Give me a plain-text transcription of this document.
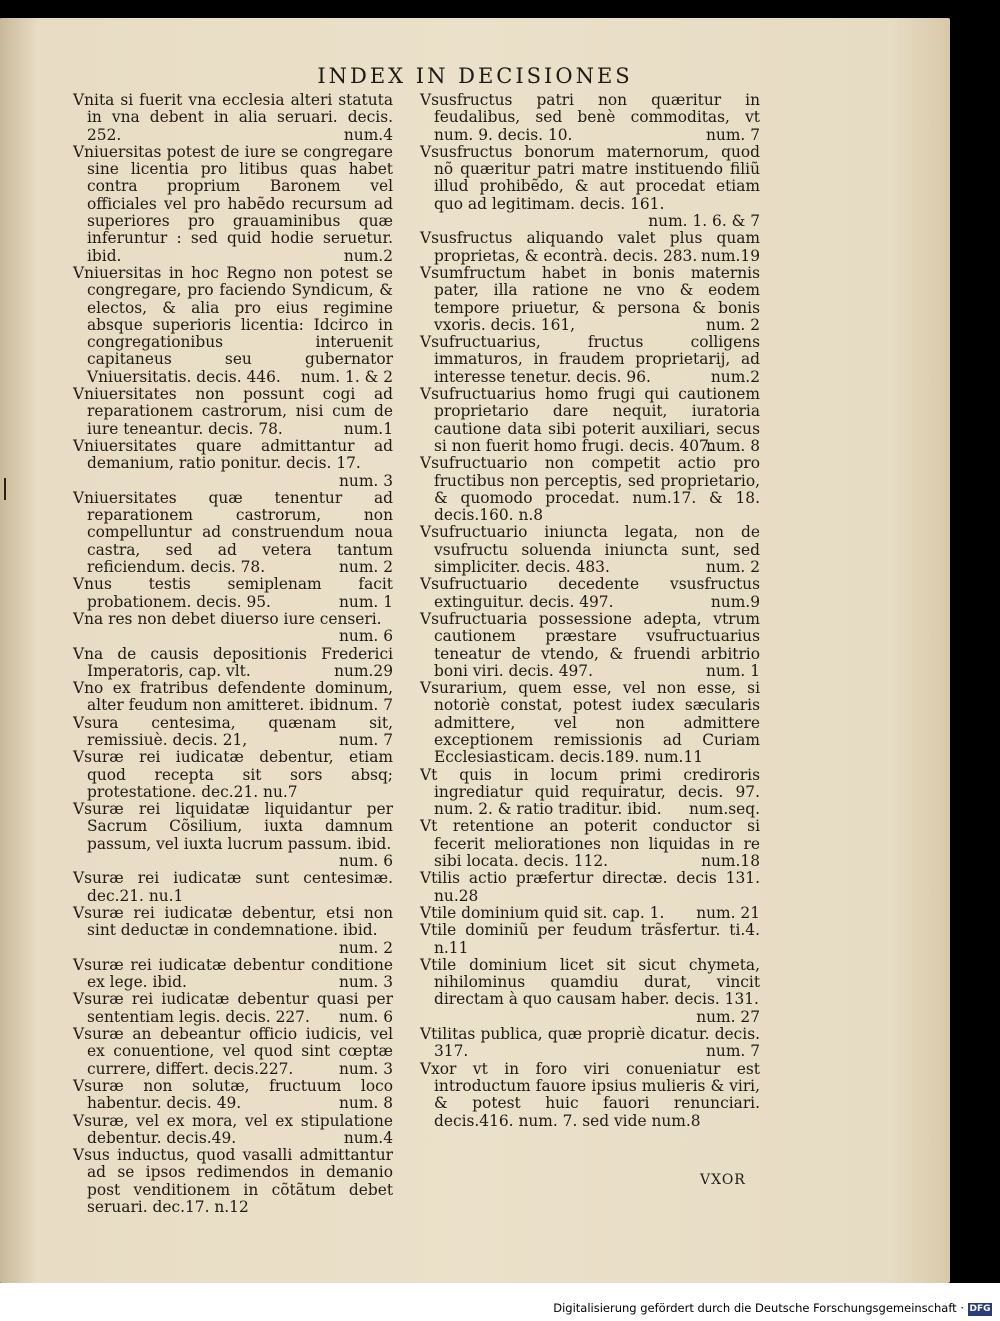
INDEX IN DECISIONES

Vnita si fuerit vna ecclesia alteri statuta in vna debent in alia seruari. decis. 252.	num.4

Vniuersitas potest de iure se congregare sine licentia pro litibus quas habet contra proprium Baronem vel officiales vel pro habẽdo recursum ad superiores pro grauaminibus quæ inferuntur : sed quid hodie seruetur. ibid.	num.2

Vniuersitas in hoc Regno non potest se congregare, pro faciendo Syndicum, & electos, & alia pro eius regimine absque superioris licentia: Idcirco in congregationibus interuenit capitaneus seu gubernator Vniuersitatis. decis. 446. num. 1. & 2

Vniuersitates non possunt cogi ad reparationem castrorum, nisi cum de iure teneantur. decis. 78.	num.1

Vniuersitates quare admittantur ad demanium, ratio ponitur. decis. 17.
num. 3

Vniuersitates quæ tenentur ad reparationem castrorum, non compelluntur ad construendum noua castra, sed ad vetera tantum reficiendum. decis. 78.	num. 2

Vnus testis semiplenam facit probationem. decis. 95.	num. 1

Vna res non debet diuerso iure censeri.
num. 6

Vna de causis depositionis Frederici Imperatoris, cap. vlt.	num.29

Vno ex fratribus defendente dominum, alter feudum non amitteret. ibid.
num. 7

Vsura centesima, quænam sit, remissiuè. decis. 21,	num. 7

Vsuræ rei iudicatæ debentur, etiam quod recepta sit sors absq; protestatione. dec.21. nu.7

Vsuræ rei liquidatæ liquidantur per Sacrum Cõsilium, iuxta damnum passum, vel iuxta lucrum passum. ibid.
num. 6

Vsuræ rei iudicatæ sunt centesimæ. dec.21. nu.1

Vsuræ rei iudicatæ debentur, etsi non sint deductæ in condemnatione. ibid.
num. 2

Vsuræ rei iudicatæ debentur conditione ex lege. ibid.	num. 3

Vsuræ rei iudicatæ debentur quasi per sententiam legis. decis. 227. num. 6

Vsuræ an debeantur officio iudicis, vel ex conuentione, vel quod sint cœptæ currere, differt. decis.227.	num. 3

Vsuræ non solutæ, fructuum loco habentur. decis. 49.	num. 8

Vsuræ, vel ex mora, vel ex stipulatione debentur. decis.49.	num.4

Vsus inductus, quod vasalli admittantur ad se ipsos redimendos in demanio post venditionem in cõtãtum debet seruari. dec.17. n.12

Vsusfructus patri non quæritur in feudalibus, sed benè commoditas, vt num. 9. decis. 10.	num. 7

Vsusfructus bonorum maternorum, quod nõ quæritur patri matre instituendo filiũ illud prohibẽdo, & aut procedat etiam quo ad legitimam. decis. 161.
num. 1. 6. & 7

Vsusfructus aliquando valet plus quam proprietas, & econtrà. decis. 283. num.19

Vsumfructum habet in bonis maternis pater, illa ratione ne vno & eodem tempore priuetur, & persona & bonis vxoris. decis. 161,	num. 2

Vsufructuarius, fructus colligens immaturos, in fraudem proprietarij, ad interesse tenetur. decis. 96.	num.2

Vsufructuarius homo frugi qui cautionem proprietario dare nequit, iuratoria cautione data sibi poterit auxiliari, secus si non fuerit homo frugi. decis. 407.
num. 8

Vsufructuario non competit actio pro fructibus non perceptis, sed proprietario, & quomodo procedat. num.17. & 18. decis.160. n.8

Vsufructuario iniuncta legata, non de vsufructu soluenda iniuncta sunt, sed simpliciter. decis. 483.	num. 2

Vsufructuario decedente vsusfructus extinguitur. decis. 497.	num.9

Vsufructuaria possessione adepta, vtrum cautionem præstare vsufructuarius teneatur de vtendo, & fruendi arbitrio boni viri. decis. 497.	num. 1

Vsurarium, quem esse, vel non esse, si notoriè constat, potest iudex sæcularis admittere, vel non admittere exceptionem remissionis ad Curiam Ecclesiasticam. decis.189. num.11

Vt quis in locum primi crediroris ingrediatur quid requiratur, decis. 97. num. 2. & ratio traditur. ibid. num.seq.

Vt retentione an poterit conductor si fecerit meliorationes non liquidas in re sibi locata. decis. 112.	num.18

Vtilis actio præfertur directæ. decis 131. nu.28

Vtile dominium quid sit. cap. 1. num. 21

Vtile dominiũ per feudum trãsfertur. ti.4. n.11

Vtile dominium licet sit sicut chymeta, nihilominus quamdiu durat, vincit directam à quo causam haber. decis. 131.
num. 27

Vtilitas publica, quæ propriè dicatur. decis. 317.	num. 7

Vxor vt in foro viri conueniatur est introductum fauore ipsius mulieris & viri, & potest huic fauori renunciari. decis.416. num. 7. sed vide num.8

VXOR
Digitalisierung gefördert durch die Deutsche Forschungsgemeinschaft · DFG
